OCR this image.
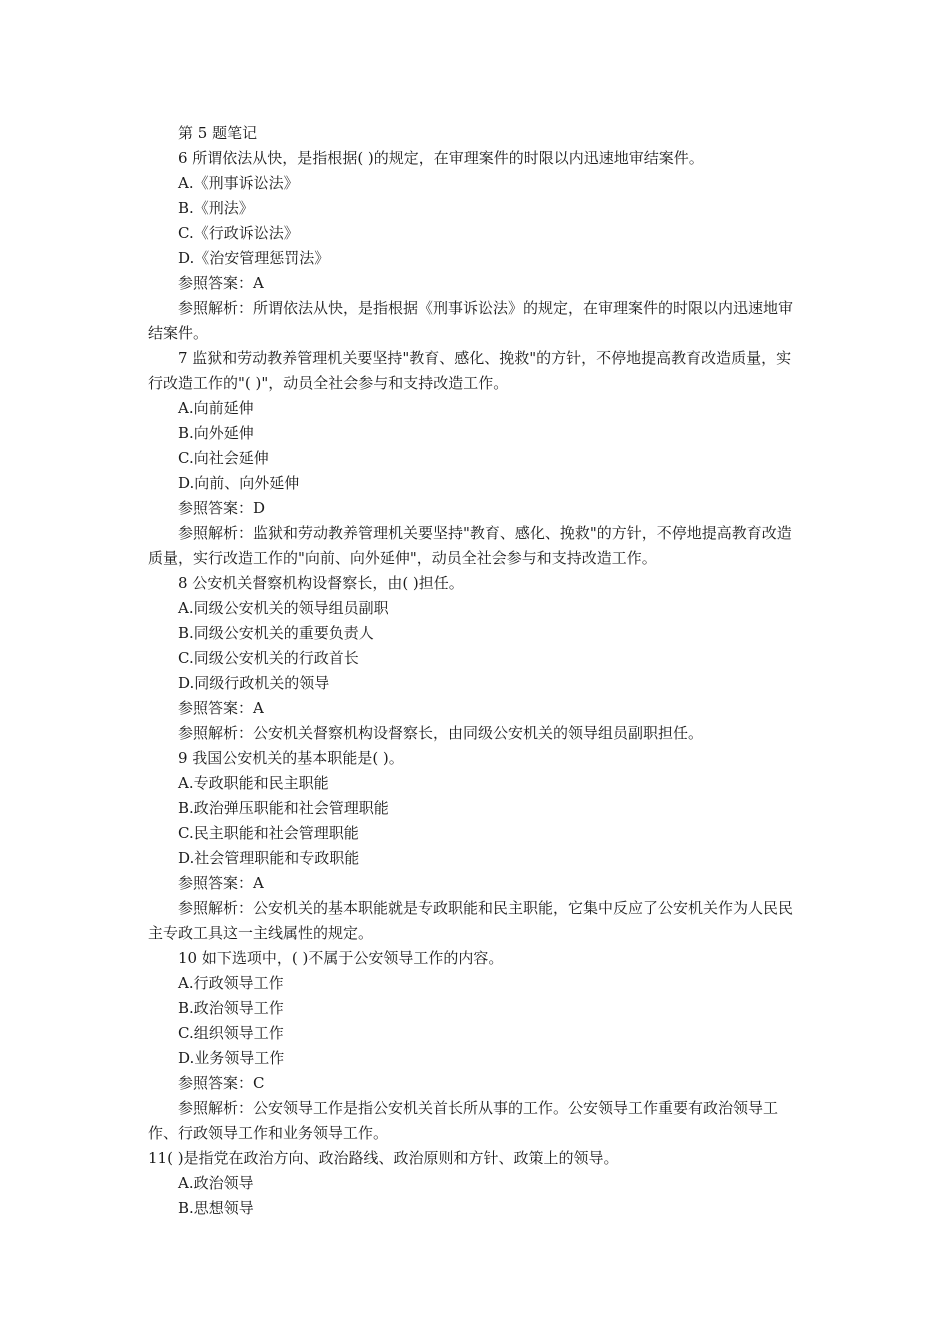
第 5 题笔记
6 所谓依法从快，是指根据( )的规定，在审理案件的时限以内迅速地审结案件。
A.《刑事诉讼法》
B.《刑法》
C.《行政诉讼法》
D.《治安管理惩罚法》
参照答案：A
参照解析：所谓依法从快，是指根据《刑事诉讼法》的规定，在审理案件的时限以内迅速地审结案件。
7 监狱和劳动教养管理机关要坚持"教育、感化、挽救"的方针，不停地提高教育改造质量，实行改造工作的"( )"，动员全社会参与和支持改造工作。
A.向前延伸
B.向外延伸
C.向社会延伸
D.向前、向外延伸
参照答案：D
参照解析：监狱和劳动教养管理机关要坚持"教育、感化、挽救"的方针，不停地提高教育改造质量，实行改造工作的"向前、向外延伸"，动员全社会参与和支持改造工作。
8 公安机关督察机构设督察长，由( )担任。
A.同级公安机关的领导组员副职
B.同级公安机关的重要负责人
C.同级公安机关的行政首长
D.同级行政机关的领导
参照答案：A
参照解析：公安机关督察机构设督察长，由同级公安机关的领导组员副职担任。
9 我国公安机关的基本职能是( )。
A.专政职能和民主职能
B.政治弹压职能和社会管理职能
C.民主职能和社会管理职能
D.社会管理职能和专政职能
参照答案：A
参照解析：公安机关的基本职能就是专政职能和民主职能，它集中反应了公安机关作为人民民主专政工具这一主线属性的规定。
10 如下选项中，( )不属于公安领导工作的内容。
A.行政领导工作
B.政治领导工作
C.组织领导工作
D.业务领导工作
参照答案：C
参照解析：公安领导工作是指公安机关首长所从事的工作。公安领导工作重要有政治领导工作、行政领导工作和业务领导工作。
11( )是指党在政治方向、政治路线、政治原则和方针、政策上的领导。
A.政治领导
B.思想领导
